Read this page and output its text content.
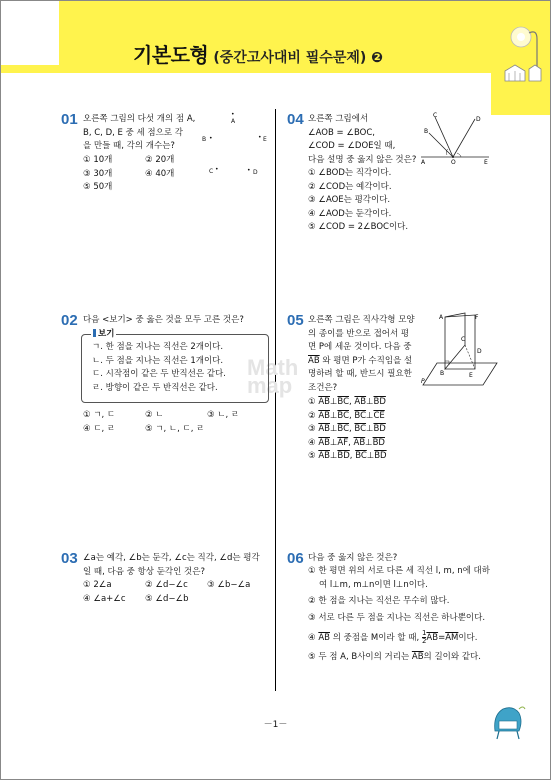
기본도형 (중간고사대비 필수문제) ❷
Math
map
01 오른쪽 그림의 다섯 개의 점 A,
B, C, D, E 중 세 점으로 각
을 만들 때, 각의 개수는?
① 10개	② 20개
③ 30개	④ 40개
⑤ 50개
•
A
B •
C •	• D
• E
04 오른쪽 그림에서
∠AOB = ∠BOC,
∠COD = ∠DOE일 때,
다음 설명 중 옳지 않은 것은?
① ∠BOD는 직각이다.
② ∠COD는 예각이다.
③ ∠AOE는 평각이다.
④ ∠AOD는 둔각이다.
⑤ ∠COD = 2∠BOC이다.
A
B
C
D
E
O
02 다음 <보기> 중 옳은 것을 모두 고른 것은?
ㄱ. 한 점을 지나는 직선은 2개이다.
ㄴ. 두 점을 지나는 직선은 1개이다.
ㄷ. 시작점이 같은 두 반직선은 같다.
ㄹ. 방향이 같은 두 반직선은 같다.
보기
① ㄱ, ㄷ	② ㄴ	③ ㄴ, ㄹ
④ ㄷ, ㄹ	⑤ ㄱ, ㄴ, ㄷ, ㄹ
05 오른쪽 그림은 직사각형 모양
의 종이를 반으로 접어서 평
면 P에 세운 것이다. 다음 중
$\overline{AB}$ 와 평면 P가 수직임을 설
명하려 할 때, 반드시 필요한
조건은?
① $\overline{AB}\perp\overline{BC}$, $\overline{AB}\perp\overline{BD}$
② $\overline{AB}\perp\overline{BC}$, $\overline{BC}\perp\overline{CE}$
③ $\overline{AB}\perp\overline{BC}$, $\overline{BC}\perp\overline{BD}$
④ $\overline{AB}\perp\overline{AF}$, $\overline{AB}\perp\overline{BD}$
⑤ $\overline{AB}\perp\overline{BD}$, $\overline{BC}\perp\overline{BD}$
A
B
C
D
E
F
P
03 ∠a는 예각, ∠b는 둔각, ∠c는 직각, ∠d는 평각
일 때, 다음 중 항상 둔각인 것은?
① 2∠a	② ∠d−∠c ③ ∠b−∠a
④ ∠a+∠c ⑤ ∠d−∠b
06 다음 중 옳지 않은 것은?
① 한 평면 위의 서로 다른 세 직선 l, m, n에 대하
여 l⊥m, m⊥n이면 l⊥n이다.
② 한 점을 지나는 직선은 무수히 많다.
③ 서로 다른 두 점을 지나는 직선은 하나뿐이다.
④ $\overline{AB}$ 의 중점을 M이라 할 때, $\frac{1}{2} \overline{AB}=\overline{AM}$이다.
⑤ 두 점 A, B사이의 거리는 $\overline{AB}$의 길이와 같다.
－1－
